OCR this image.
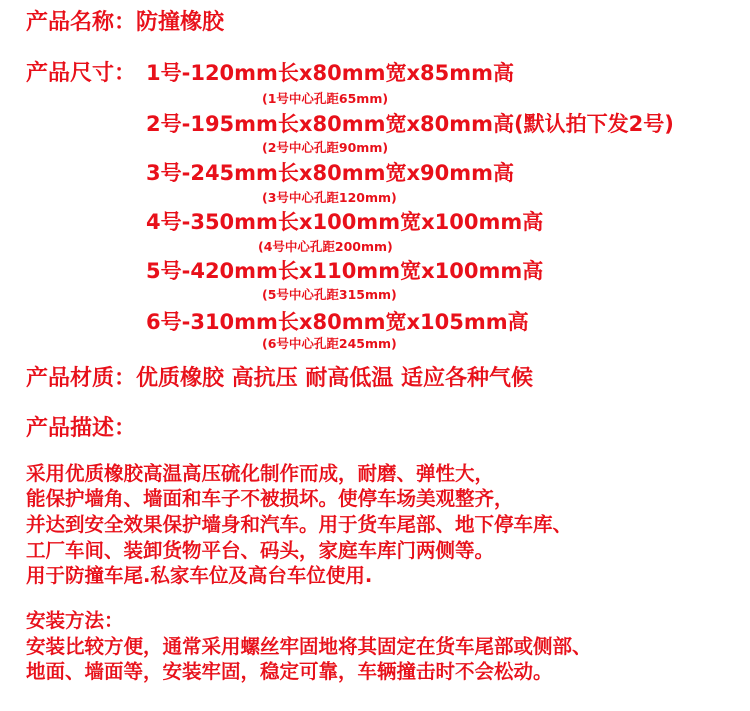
产品名称：防撞橡胶
产品尺寸： 1号-120mm长x80mm宽x85mm高
(1号中心孔距65mm)
2号-195mm长x80mm宽x80mm高(默认拍下发2号)
(2号中心孔距90mm)
3号-245mm长x80mm宽x90mm高
(3号中心孔距120mm)
4号-350mm长x100mm宽x100mm高
(4号中心孔距200mm)
5号-420mm长x110mm宽x100mm高
(5号中心孔距315mm)
6号-310mm长x80mm宽x105mm高
(6号中心孔距245mm)
产品材质：优质橡胶 高抗压 耐高低温 适应各种气候
产品描述：
采用优质橡胶高温高压硫化制作而成，耐磨、弹性大，
能保护墙角、墙面和车子不被损坏。使停车场美观整齐，
并达到安全效果保护墙身和汽车。用于货车尾部、地下停车库、
工厂车间、装卸货物平台、码头，家庭车库门两侧等。
用于防撞车尾.私家车位及高台车位使用.
安装方法：
安装比较方便，通常采用螺丝牢固地将其固定在货车尾部或侧部、
地面、墙面等，安装牢固，稳定可靠，车辆撞击时不会松动。
